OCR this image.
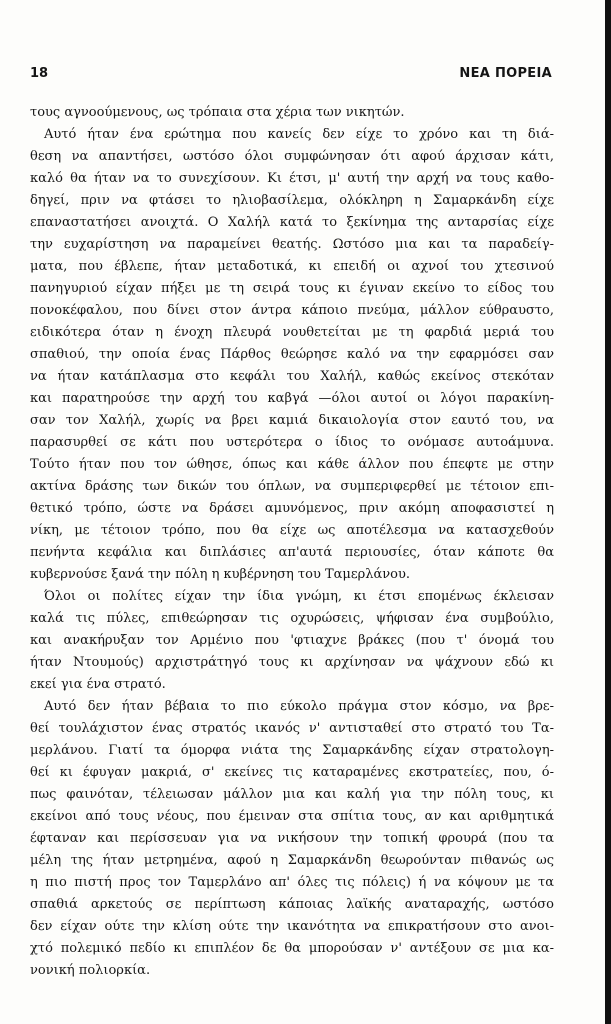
18	ΝΕΑ ΠΟΡΕΙΑ
τους αγνοούμενους, ως τρόπαια στα χέρια των νικητών.
Αυτό ήταν ένα ερώτημα που κανείς δεν είχε το χρόνο και τη διά-
θεση να απαντήσει, ωστόσο όλοι συμφώνησαν ότι αφού άρχισαν κάτι,
καλό θα ήταν να το συνεχίσουν. Κι έτσι, μ' αυτή την αρχή να τους καθο-
δηγεί, πριν να φτάσει το ηλιοβασίλεμα, ολόκληρη η Σαμαρκάνδη είχε
επαναστατήσει ανοιχτά. Ο Χαλήλ κατά το ξεκίνημα της ανταρσίας είχε
την ευχαρίστηση να παραμείνει θεατής. Ωστόσο μια και τα παραδείγ-
ματα, που έβλεπε, ήταν μεταδοτικά, κι επειδή οι αχνοί του χτεσινού
πανηγυριού είχαν πήξει με τη σειρά τους κι έγιναν εκείνο το είδος του
πονοκέφαλου, που δίνει στον άντρα κάποιο πνεύμα, μάλλον εύθραυστο,
ειδικότερα όταν η ένοχη πλευρά νουθετείται με τη φαρδιά μεριά του
σπαθιού, την οποία ένας Πάρθος θεώρησε καλό να την εφαρμόσει σαν
να ήταν κατάπλασμα στο κεφάλι του Χαλήλ, καθώς εκείνος στεκόταν
και παρατηρούσε την αρχή του καβγά —όλοι αυτοί οι λόγοι παρακίνη-
σαν τον Χαλήλ, χωρίς να βρει καμιά δικαιολογία στον εαυτό του, να
παρασυρθεί σε κάτι που υστερότερα ο ίδιος το ονόμασε αυτοάμυνα.
Τούτο ήταν που τον ώθησε, όπως και κάθε άλλον που έπεφτε με στην
ακτίνα δράσης των δικών του όπλων, να συμπεριφερθεί με τέτοιον επι-
θετικό τρόπο, ώστε να δράσει αμυνόμενος, πριν ακόμη αποφασιστεί η
νίκη, με τέτοιον τρόπο, που θα είχε ως αποτέλεσμα να κατασχεθούν
πενήντα κεφάλια και διπλάσιες απ'αυτά περιουσίες, όταν κάποτε θα
κυβερνούσε ξανά την πόλη η κυβέρνηση του Ταμερλάνου.
Όλοι οι πολίτες είχαν την ίδια γνώμη, κι έτσι επομένως έκλεισαν
καλά τις πύλες, επιθεώρησαν τις οχυρώσεις, ψήφισαν ένα συμβούλιο,
και ανακήρυξαν τον Αρμένιο που 'φτιαχνε βράκες (που τ' όνομά του
ήταν Ντουμούς) αρχιστράτηγό τους κι αρχίνησαν να ψάχνουν εδώ κι
εκεί για ένα στρατό.
Αυτό δεν ήταν βέβαια το πιο εύκολο πράγμα στον κόσμο, να βρε-
θεί τουλάχιστον ένας στρατός ικανός ν' αντισταθεί στο στρατό του Τα-
μερλάνου. Γιατί τα όμορφα νιάτα της Σαμαρκάνδης είχαν στρατολογη-
θεί κι έφυγαν μακριά, σ' εκείνες τις καταραμένες εκστρατείες, που, ό-
πως φαινόταν, τέλειωσαν μάλλον μια και καλή για την πόλη τους, κι
εκείνοι από τους νέους, που έμειναν στα σπίτια τους, αν και αριθμητικά
έφταναν και περίσσευαν για να νικήσουν την τοπική φρουρά (που τα
μέλη της ήταν μετρημένα, αφού η Σαμαρκάνδη θεωρούνταν πιθανώς ως
η πιο πιστή προς τον Ταμερλάνο απ' όλες τις πόλεις) ή να κόψουν με τα
σπαθιά αρκετούς σε περίπτωση κάποιας λαϊκής αναταραχής, ωστόσο
δεν είχαν ούτε την κλίση ούτε την ικανότητα να επικρατήσουν στο ανοι-
χτό πολεμικό πεδίο κι επιπλέον δε θα μπορούσαν ν' αντέξουν σε μια κα-
νονική πολιορκία.
